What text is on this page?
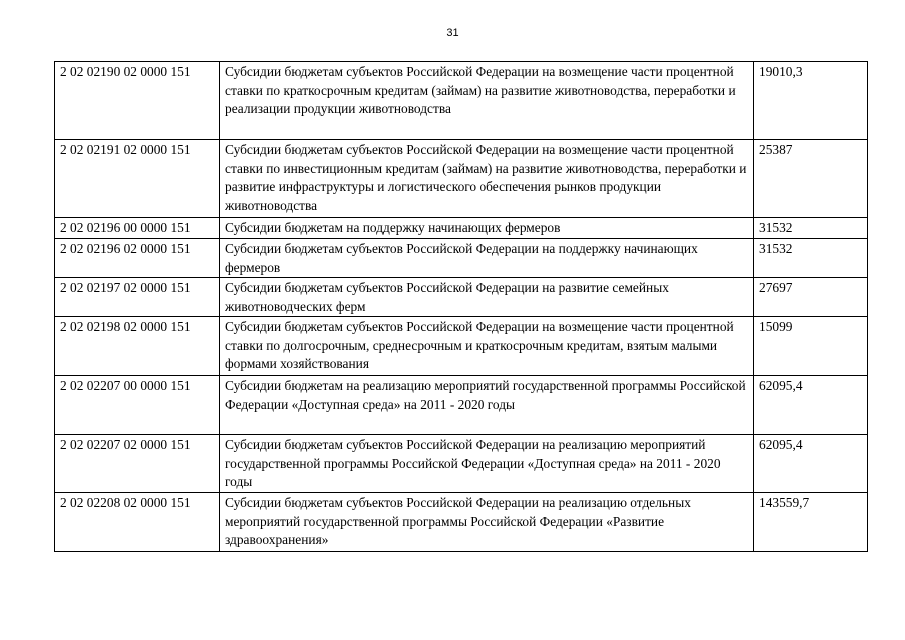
31
2 02 02190 02 0000 151	Субсидии бюджетам субъектов Российской Федерации на возмещение части процентной ставки по краткосрочным кредитам (займам) на развитие животноводства, переработки и реализации продукции животноводства	19010,3
2 02 02191 02 0000 151	Субсидии бюджетам субъектов Российской Федерации на возмещение части процентной ставки по инвестиционным кредитам (займам) на развитие животноводства, переработки и развитие инфраструктуры и логистического обеспечения рынков продукции животноводства	25387
2 02 02196 00 0000 151	Субсидии бюджетам на поддержку начинающих фермеров	31532
2 02 02196 02 0000 151	Субсидии бюджетам субъектов Российской Федерации на поддержку начинающих фермеров	31532
2 02 02197 02 0000 151	Субсидии бюджетам субъектов Российской Федерации на развитие семейных животноводческих ферм	27697
2 02 02198 02 0000 151	Субсидии бюджетам субъектов Российской Федерации на возмещение части процентной ставки по долгосрочным, среднесрочным и краткосрочным кредитам, взятым малыми формами хозяйствования	15099
2 02 02207 00 0000 151	Субсидии бюджетам на реализацию мероприятий государственной программы Российской Федерации «Доступная среда» на 2011 - 2020 годы	62095,4
2 02 02207 02 0000 151	Субсидии бюджетам субъектов Российской Федерации на реализацию мероприятий государственной программы Российской Федерации «Доступная среда» на 2011 - 2020 годы	62095,4
2 02 02208 02 0000 151	Субсидии бюджетам субъектов Российской Федерации на реализацию отдельных мероприятий государственной программы Российской Федерации «Развитие здравоохранения»	143559,7
